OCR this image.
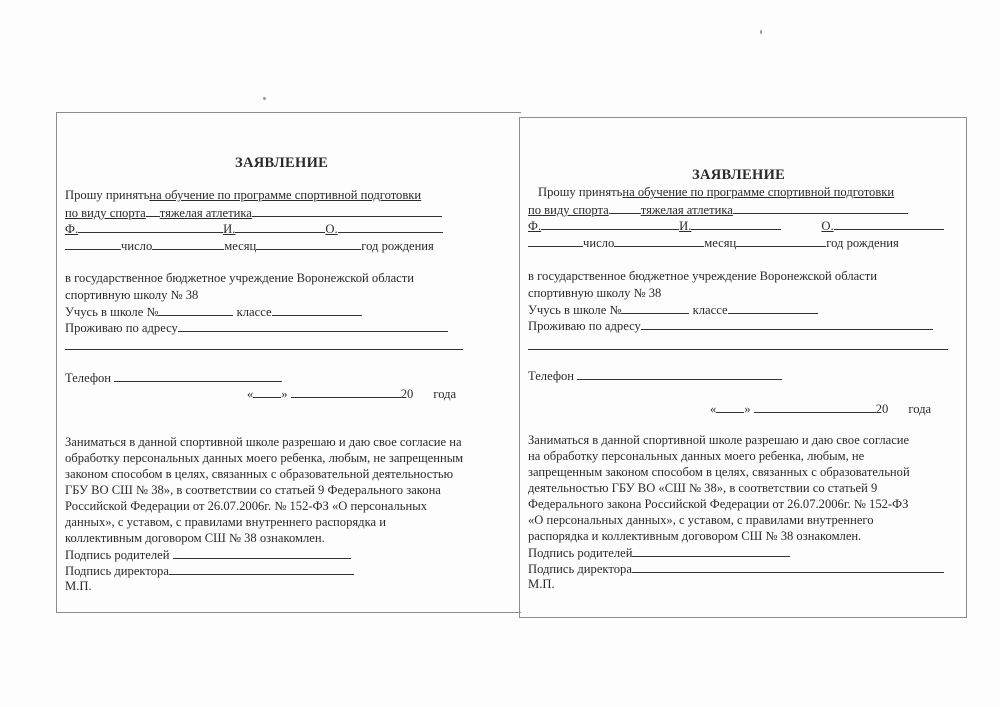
ЗАЯВЛЕНИЕ
Прошу принятьна обучение по программе спортивной подготовки
по виду спорта тяжелая атлетика
Ф.	И.	О.
число	месяц	год рождения
в государственное бюджетное учреждение Воронежской области
спортивную школу № 38
Учусь в школе №	классе
Проживаю по адресу
Телефон
« »	20 года
Заниматься в данной спортивной школе разрешаю и даю свое согласие на
обработку персональных данных моего ребенка, любым, не запрещенным
законом способом в целях, связанных с образовательной деятельностью
ГБУ ВО СШ № 38», в соответствии со статьей 9 Федерального закона
Российской Федерации от 26.07.2006г. № 152-ФЗ «О персональных
данных», с уставом, с правилами внутреннего распорядка и
коллективным договором СШ № 38 ознакомлен.
Подпись родителей
Подпись директора
М.П.
ЗАЯВЛЕНИЕ
Прошу принятьна обучение по программе спортивной подготовки
по виду спорта	тяжелая атлетика
Ф.	И.	О.
число	месяц	год рождения
в государственное бюджетное учреждение Воронежской области
спортивную школу № 38
Учусь в школе №	классе
Проживаю по адресу
Телефон
« »	20 года
Заниматься в данной спортивной школе разрешаю и даю свое согласие
на обработку персональных данных моего ребенка, любым, не
запрещенным законом способом в целях, связанных с образовательной
деятельностью ГБУ ВО «СШ № 38», в соответствии со статьей 9
Федерального закона Российской Федерации от 26.07.2006г. № 152-ФЗ
«О персональных данных», с уставом, с правилами внутреннего
распорядка и коллективным договором СШ № 38 ознакомлен.
Подпись родителей
Подпись директора
М.П.
